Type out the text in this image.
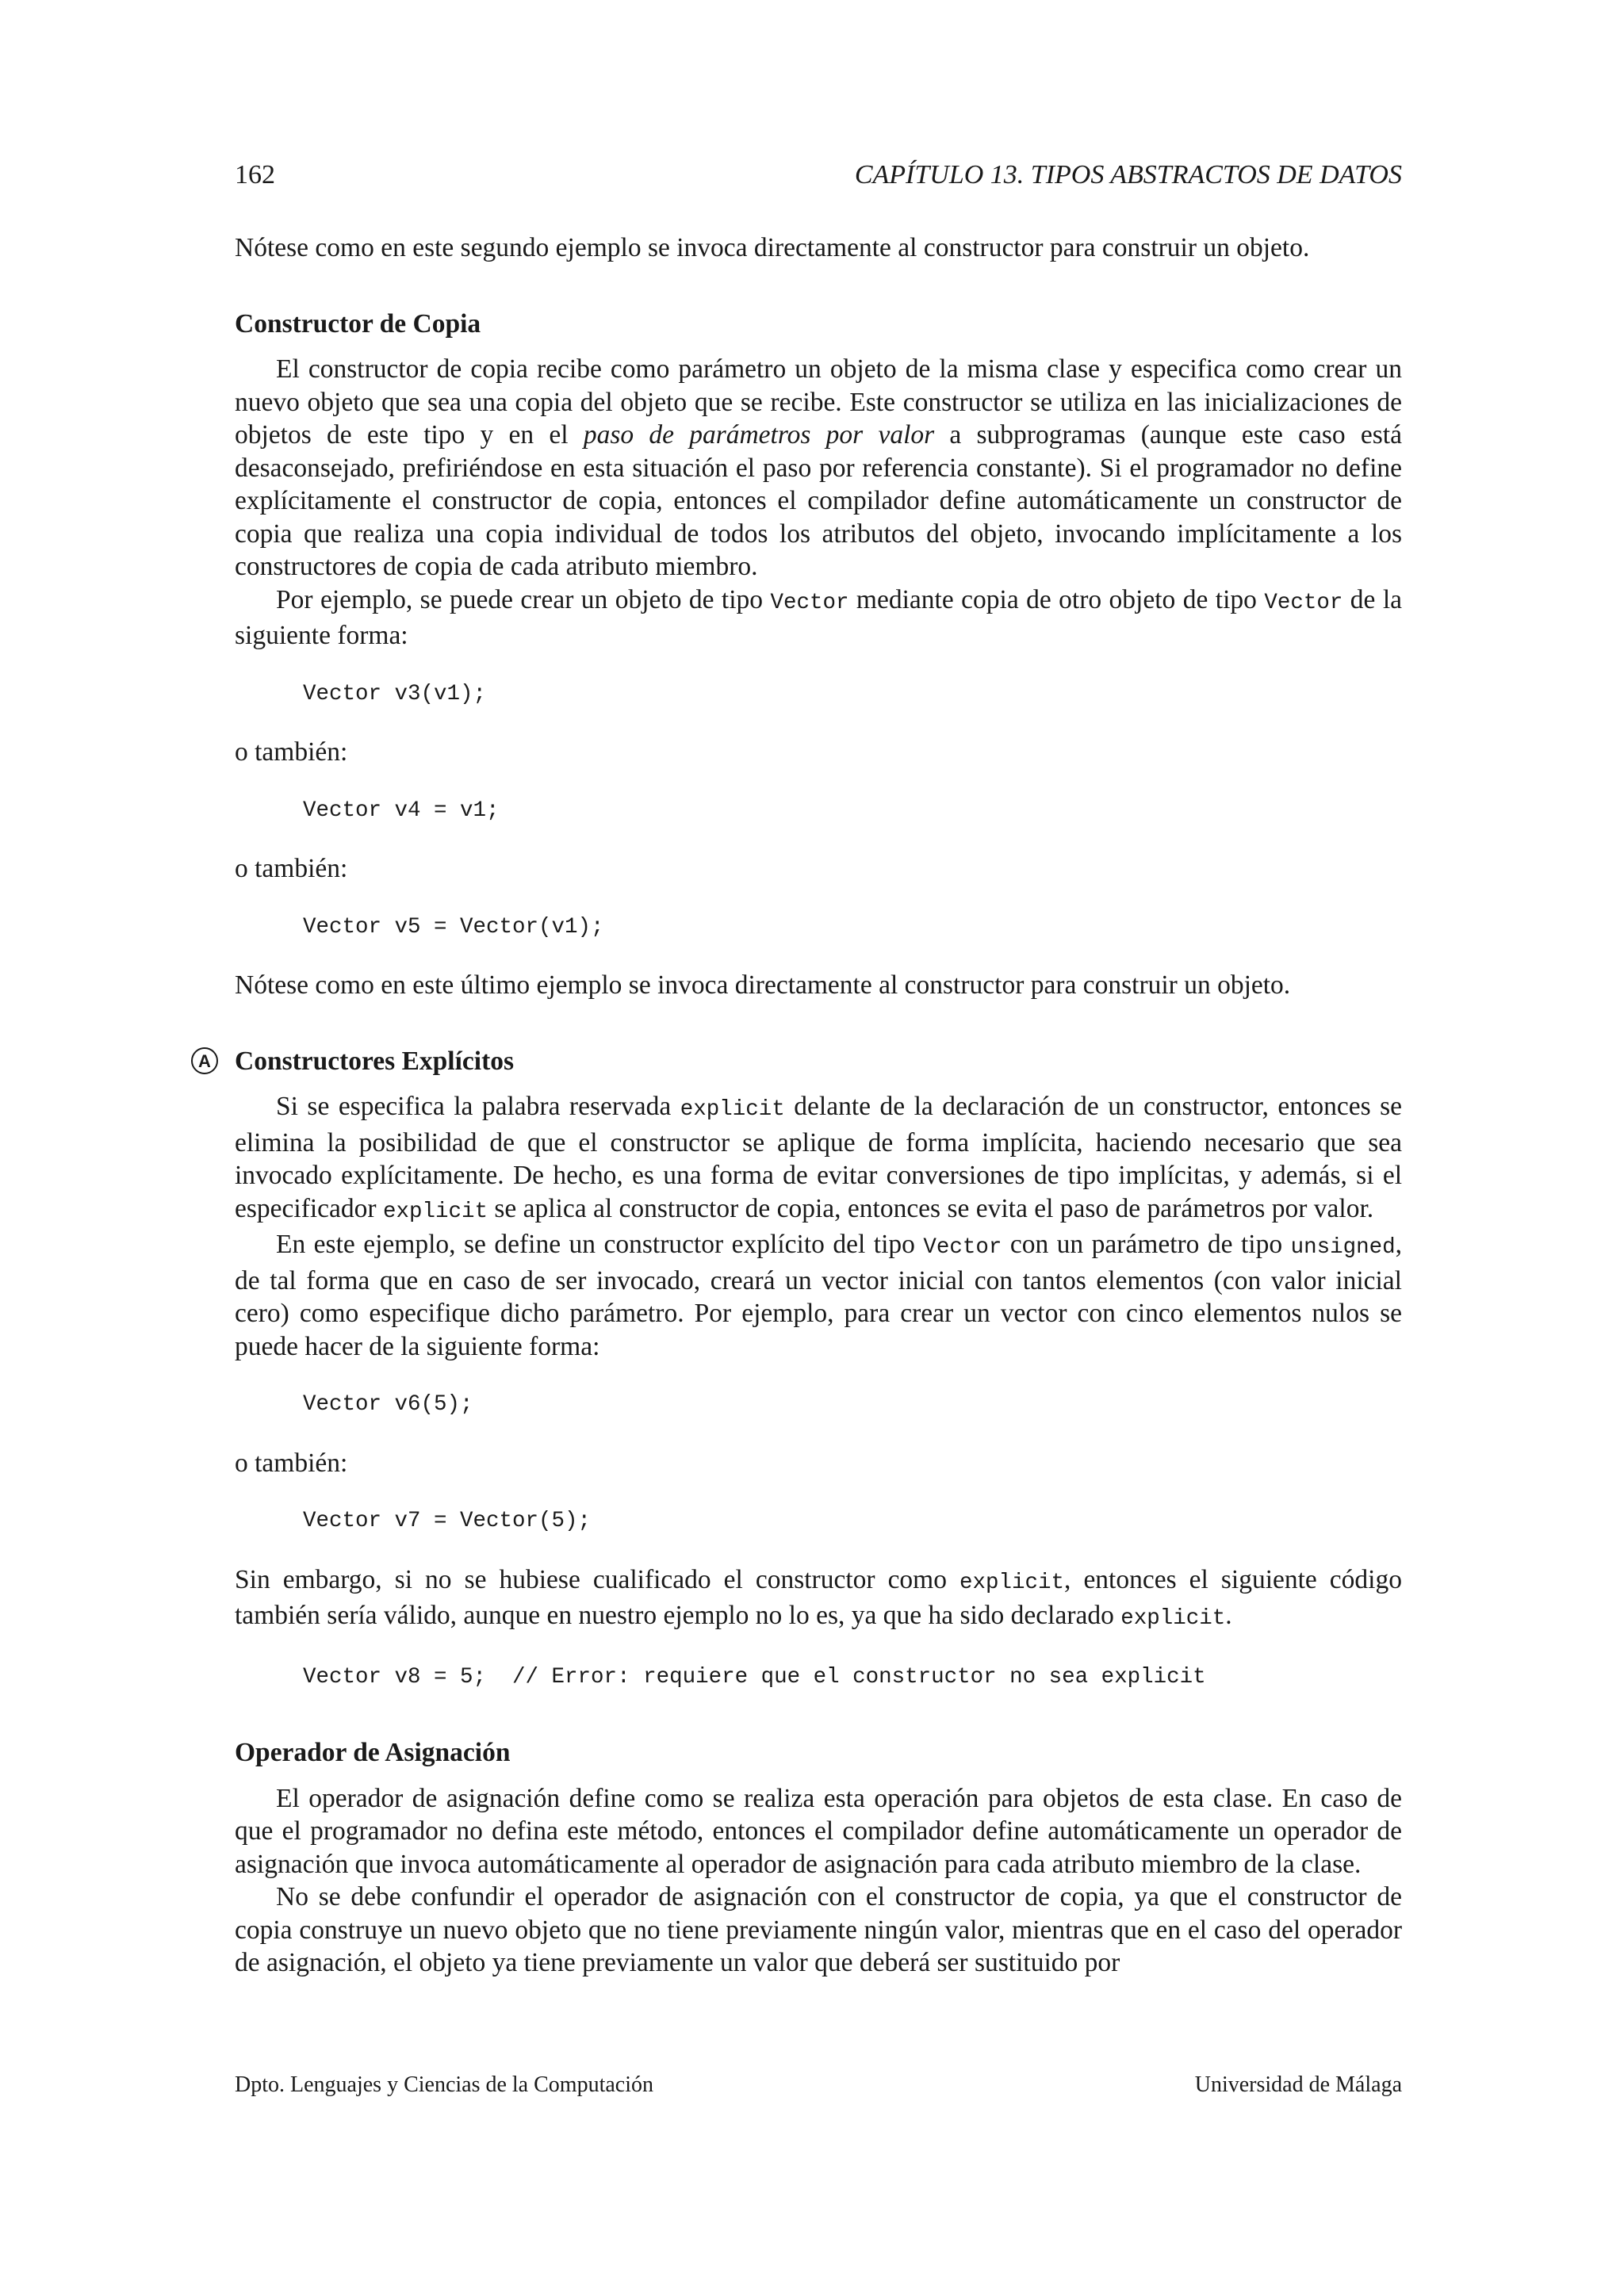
162	CAPÍTULO 13. TIPOS ABSTRACTOS DE DATOS

Nótese como en este segundo ejemplo se invoca directamente al constructor para construir un objeto.

Constructor de Copia

El constructor de copia recibe como parámetro un objeto de la misma clase y especifica como crear un nuevo objeto que sea una copia del objeto que se recibe. Este constructor se utiliza en las inicializaciones de objetos de este tipo y en el paso de parámetros por valor a subprogramas (aunque este caso está desaconsejado, prefiriéndose en esta situación el paso por referencia constante). Si el programador no define explícitamente el constructor de copia, entonces el compilador define automáticamente un constructor de copia que realiza una copia individual de todos los atributos del objeto, invocando implícitamente a los constructores de copia de cada atributo miembro.

Por ejemplo, se puede crear un objeto de tipo Vector mediante copia de otro objeto de tipo Vector de la siguiente forma:

Vector v3(v1);

o también:

Vector v4 = v1;

o también:

Vector v5 = Vector(v1);

Nótese como en este último ejemplo se invoca directamente al constructor para construir un objeto.

A Constructores Explícitos

Si se especifica la palabra reservada explicit delante de la declaración de un constructor, entonces se elimina la posibilidad de que el constructor se aplique de forma implícita, haciendo necesario que sea invocado explícitamente. De hecho, es una forma de evitar conversiones de tipo implícitas, y además, si el especificador explicit se aplica al constructor de copia, entonces se evita el paso de parámetros por valor.

En este ejemplo, se define un constructor explícito del tipo Vector con un parámetro de tipo unsigned, de tal forma que en caso de ser invocado, creará un vector inicial con tantos elementos (con valor inicial cero) como especifique dicho parámetro. Por ejemplo, para crear un vector con cinco elementos nulos se puede hacer de la siguiente forma:

Vector v6(5);

o también:

Vector v7 = Vector(5);

Sin embargo, si no se hubiese cualificado el constructor como explicit, entonces el siguiente código también sería válido, aunque en nuestro ejemplo no lo es, ya que ha sido declarado explicit.

Vector v8 = 5;  // Error: requiere que el constructor no sea explicit
Operador de Asignación

El operador de asignación define como se realiza esta operación para objetos de esta clase. En caso de que el programador no defina este método, entonces el compilador define automáticamente un operador de asignación que invoca automáticamente al operador de asignación para cada atributo miembro de la clase.

No se debe confundir el operador de asignación con el constructor de copia, ya que el constructor de copia construye un nuevo objeto que no tiene previamente ningún valor, mientras que en el caso del operador de asignación, el objeto ya tiene previamente un valor que deberá ser sustituido por

Dpto. Lenguajes y Ciencias de la Computación	Universidad de Málaga
